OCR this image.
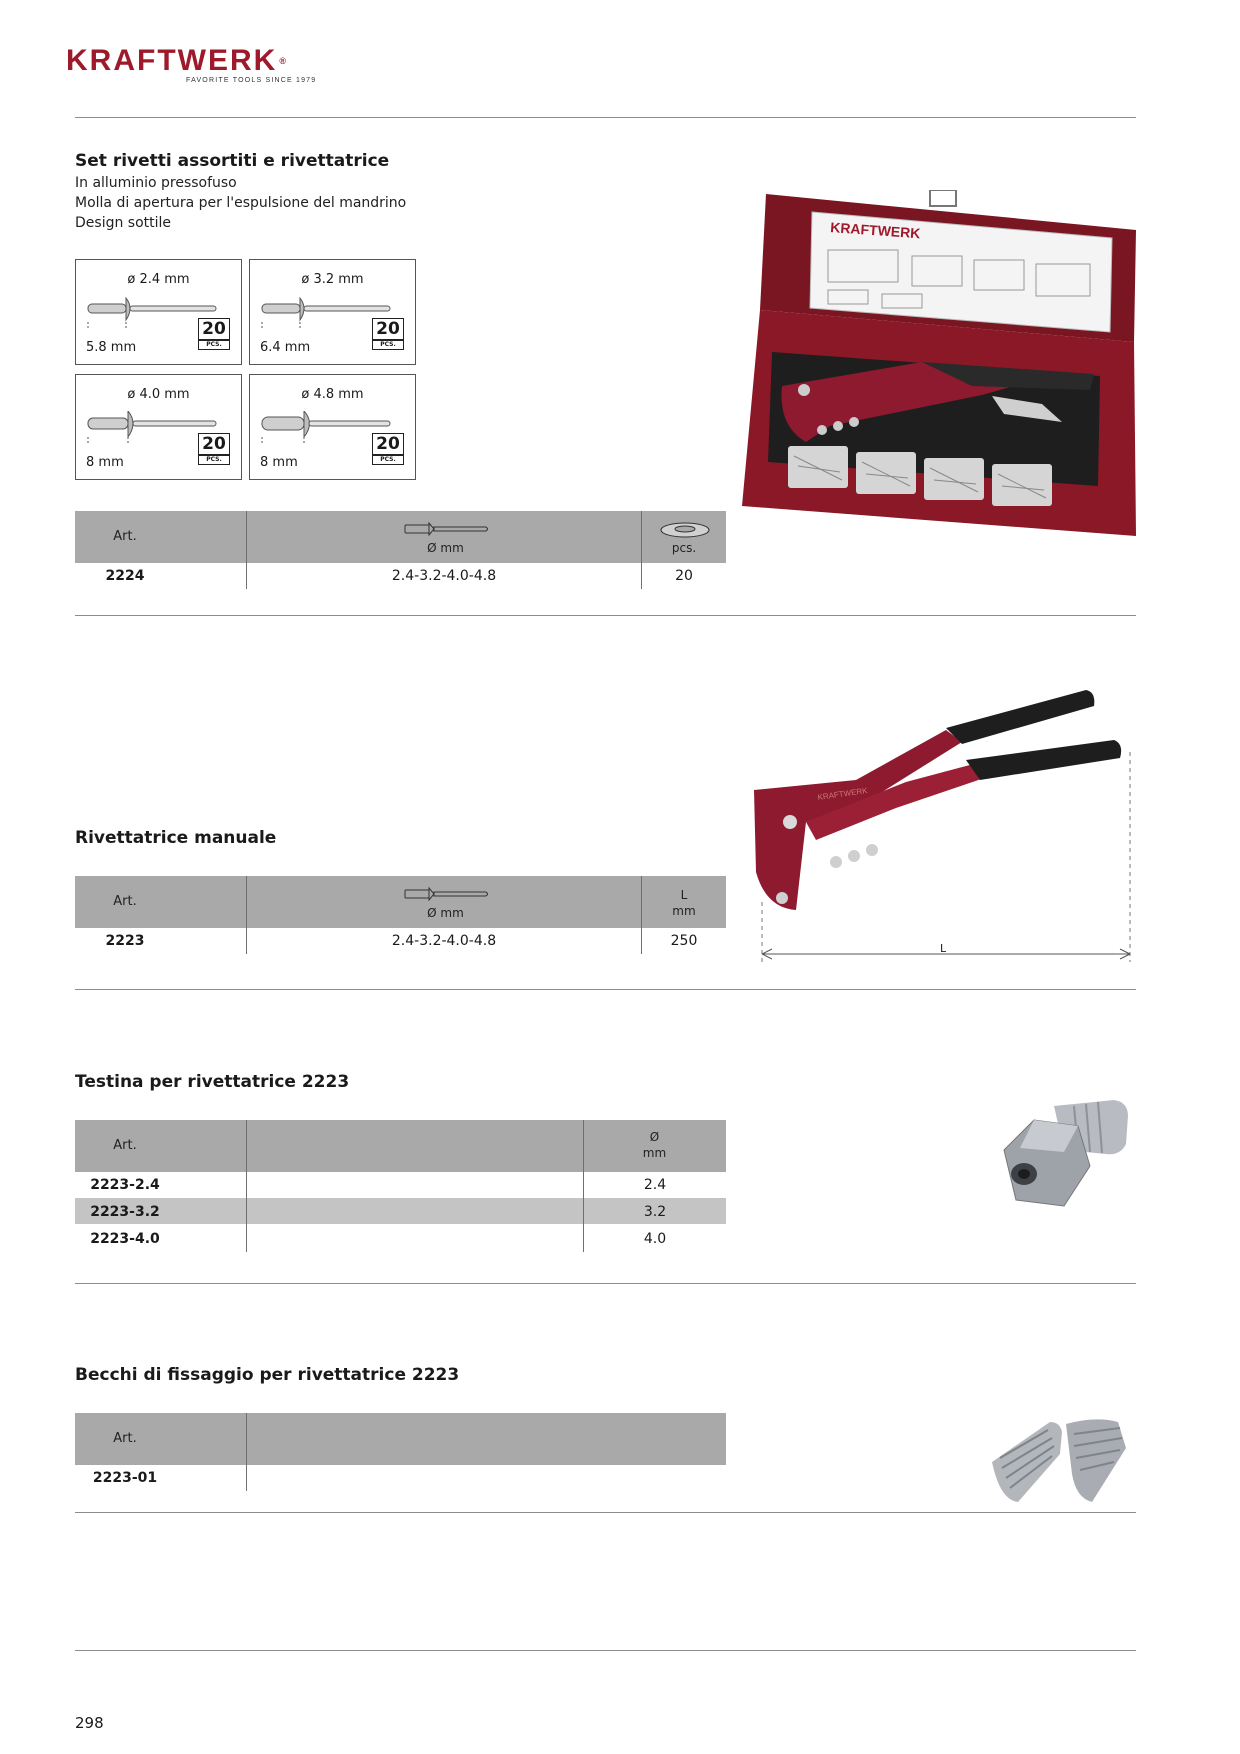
KRAFTWERK ®
FAVORITE TOOLS SINCE 1979
Set rivetti assortiti e rivettatrice
In alluminio pressofuso
Molla di apertura per l'espulsione del mandrino
Design sottile
ø 2.4 mm
5.8 mm
20
PCS.
ø 3.2 mm
6.4 mm
20
PCS.
ø 4.0 mm
8 mm
20
PCS.
ø 4.8 mm
8 mm
20
PCS.
Art.
Ø mm	pcs.
2224	2.4-3.2-4.0-4.8	20
KRAFTWERK
Rivettatrice manuale
Art.
Ø mm
L
mm
2223	2.4-3.2-4.0-4.8	250
KRAFTWERK
L
Testina per rivettatrice 2223
Art.
Ø
mm
2223-2.4	2.4
2223-3.2	3.2
2223-4.0	4.0
Becchi di fissaggio per rivettatrice 2223
Art.
2223-01
298
